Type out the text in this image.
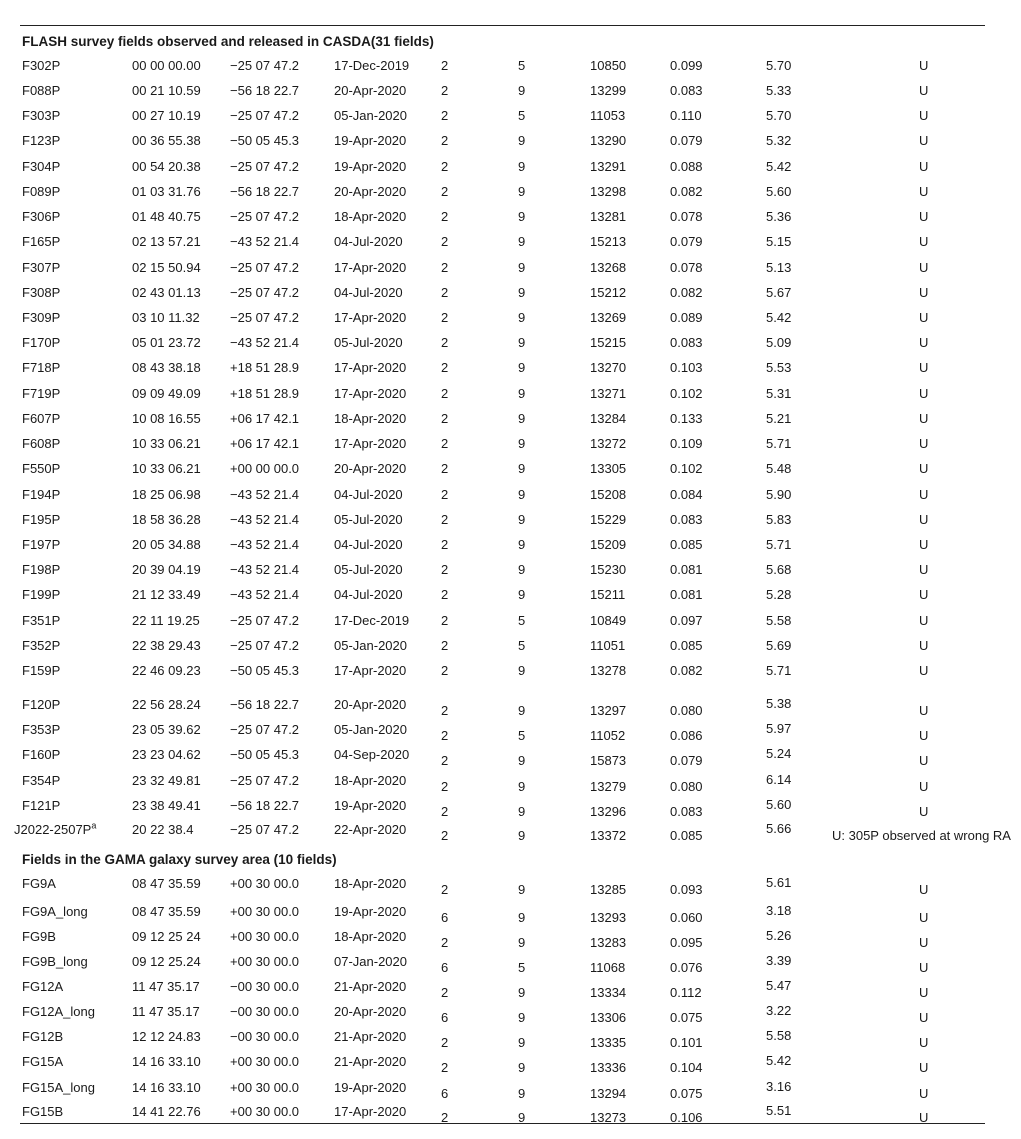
FLASH survey fields observed and released in CASDA(31 fields)
F302P	00 00 00.00 −25 07 47.2	17-Dec-2019 2	5	10850	0.099	5.70	U
F088P	00 21 10.59 −56 18 22.7	20-Apr-2020	2	9	13299	0.083	5.33	U
F303P	00 27 10.19 −25 07 47.2	05-Jan-2020	2	5	11053	0.110	5.70	U
F123P	00 36 55.38 −50 05 45.3	19-Apr-2020	2	9	13290	0.079	5.32	U
F304P	00 54 20.38 −25 07 47.2	19-Apr-2020	2	9	13291	0.088	5.42	U
F089P	01 03 31.76 −56 18 22.7	20-Apr-2020	2	9	13298	0.082	5.60	U
F306P	01 48 40.75 −25 07 47.2	18-Apr-2020	2	9	13281	0.078	5.36	U
F165P	02 13 57.21 −43 52 21.4	04-Jul-2020	2	9	15213	0.079	5.15	U
F307P	02 15 50.94 −25 07 47.2	17-Apr-2020	2	9	13268	0.078	5.13	U
F308P	02 43 01.13 −25 07 47.2	04-Jul-2020	2	9	15212	0.082	5.67	U
F309P	03 10 11.32 −25 07 47.2	17-Apr-2020	2	9	13269	0.089	5.42	U
F170P	05 01 23.72 −43 52 21.4	05-Jul-2020	2	9	15215	0.083	5.09	U
F718P	08 43 38.18 +18 51 28.9	17-Apr-2020	2	9	13270	0.103	5.53	U
F719P	09 09 49.09 +18 51 28.9	17-Apr-2020	2	9	13271	0.102	5.31	U
F607P	10 08 16.55 +06 17 42.1	18-Apr-2020	2	9	13284	0.133	5.21	U
F608P	10 33 06.21 +06 17 42.1	17-Apr-2020	2	9	13272	0.109	5.71	U
F550P	10 33 06.21 +00 00 00.0	20-Apr-2020	2	9	13305	0.102	5.48	U
F194P	18 25 06.98 −43 52 21.4	04-Jul-2020	2	9	15208	0.084	5.90	U
F195P	18 58 36.28 −43 52 21.4	05-Jul-2020	2	9	15229	0.083	5.83	U
F197P	20 05 34.88 −43 52 21.4	04-Jul-2020	2	9	15209	0.085	5.71	U
F198P	20 39 04.19 −43 52 21.4	05-Jul-2020	2	9	15230	0.081	5.68	U
F199P	21 12 33.49 −43 52 21.4	04-Jul-2020	2	9	15211	0.081	5.28	U
F351P	22 11 19.25 −25 07 47.2	17-Dec-2019 2	5	10849	0.097	5.58	U
F352P	22 38 29.43 −25 07 47.2	05-Jan-2020	2	5	11051	0.085	5.69	U
F159P	22 46 09.23 −50 05 45.3	17-Apr-2020	2	9	13278	0.082	5.71	U
F120P	22 56 28.24 −56 18 22.7	20-Apr-2020	2	9	13297	0.080	5.38	U
F353P	23 05 39.62 −25 07 47.2	05-Jan-2020	2	5	11052	0.086	5.97	U
F160P	23 23 04.62 −50 05 45.3	04-Sep-2020 2	9	15873	0.079	5.24	U
F354P	23 32 49.81 −25 07 47.2	18-Apr-2020	2	9	13279	0.080	6.14	U
F121P	23 38 49.41 −56 18 22.7	19-Apr-2020	2	9	13296	0.083	5.60	U
$J2022-2507P^a$	20 22 38.4	−25 07 47.2	22-Apr-2020	2	9	13372	0.085	5.66	U: 305P observed at wrong RA
Fields in the GAMA galaxy survey area (10 fields)
FG9A	08 47 35.59 +00 30 00.0	18-Apr-2020	2	9	13285	0.093	5.61	U
FG9A_long	08 47 35.59 +00 30 00.0	19-Apr-2020	6	9	13293	0.060	3.18	U
FG9B	09 12 25 24 +00 30 00.0	18-Apr-2020	2	9	13283	0.095	5.26	U
FG9B_long	09 12 25.24 +00 30 00.0	07-Jan-2020	6	5	11068	0.076	3.39	U
FG12A	11 47 35.17 −00 30 00.0	21-Apr-2020	2	9	13334	0.112	5.47	U
FG12A_long	11 47 35.17 −00 30 00.0	20-Apr-2020	6	9	13306	0.075	3.22	U
FG12B	12 12 24.83 −00 30 00.0	21-Apr-2020	2	9	13335	0.101	5.58	U
FG15A	14 16 33.10 +00 30 00.0	21-Apr-2020	2	9	13336	0.104	5.42	U
FG15A_long	14 16 33.10 +00 30 00.0	19-Apr-2020	6	9	13294	0.075	3.16	U
FG15B	14 41 22.76 +00 30 00.0	17-Apr-2020	2	9	13273	0.106	5.51	U
